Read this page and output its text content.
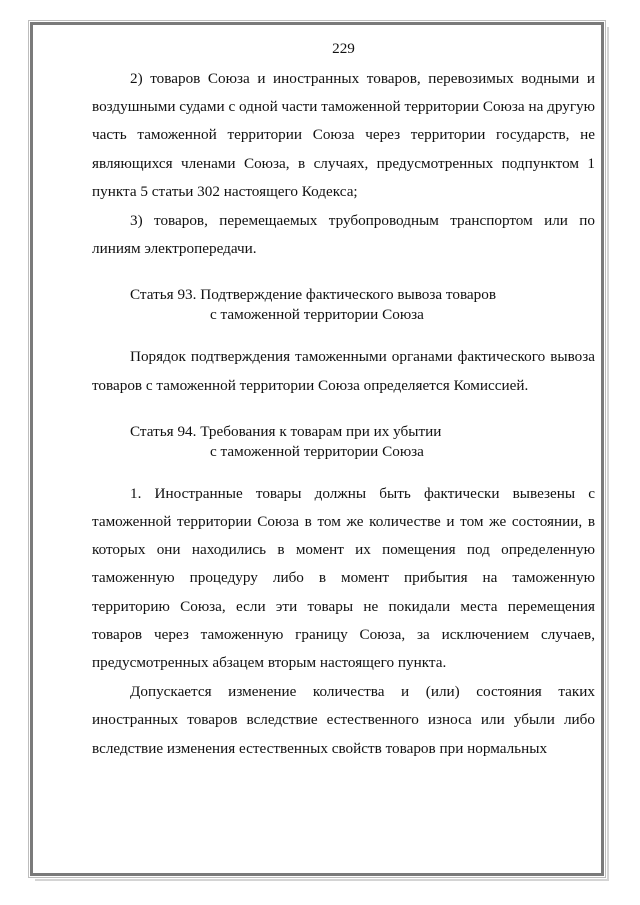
229

2) товаров Союза и иностранных товаров, перевозимых водными и воздушными судами с одной части таможенной территории Союза на другую часть таможенной территории Союза через территории государств, не являющихся членами Союза, в случаях, предусмотренных подпунктом 1 пункта 5 статьи 302 настоящего Кодекса;

3) товаров, перемещаемых трубопроводным транспортом или по линиям электропередачи.

Статья 93. Подтверждение фактического вывоза товаров
с таможенной территории Союза

Порядок подтверждения таможенными органами фактического вывоза товаров с таможенной территории Союза определяется Комиссией.

Статья 94. Требования к товарам при их убытии
с таможенной территории Союза

1. Иностранные товары должны быть фактически вывезены с таможенной территории Союза в том же количестве и том же состоянии, в которых они находились в момент их помещения под определенную таможенную процедуру либо в момент прибытия на таможенную территорию Союза, если эти товары не покидали места перемещения товаров через таможенную границу Союза, за исключением случаев, предусмотренных абзацем вторым настоящего пункта.

Допускается изменение количества и (или) состояния таких иностранных товаров вследствие естественного износа или убыли либо вследствие изменения естественных свойств товаров при нормальных
